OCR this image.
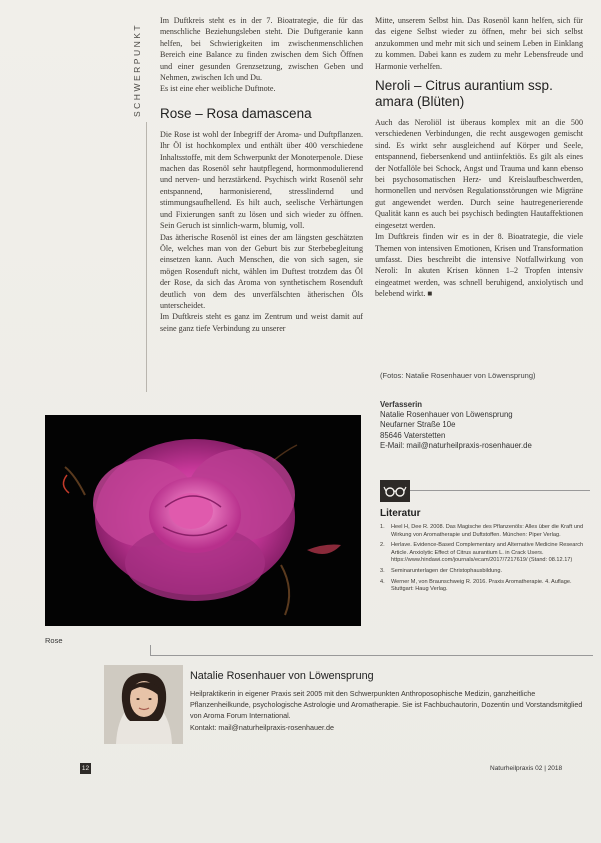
SCHWERPUNKT

Im Duftkreis steht es in der 7. Bioatrategie, die für das menschliche Beziehungsleben steht. Die Duftgeranie kann helfen, bei Schwierigkeiten im zwischenmenschlichen Bereich eine Balance zu finden zwischen dem Sich Öffnen und einer gesunden Grenzsetzung, zwischen Geben und Nehmen, zwischen Ich und Du.

Es ist eine eher weibliche Duftnote.

Rose – Rosa damascena

Die Rose ist wohl der Inbegriff der Aroma- und Duftpflanzen. Ihr Öl ist hochkomplex und enthält über 400 verschiedene Inhaltsstoffe, mit dem Schwerpunkt der Monoterpenole. Diese machen das Rosenöl sehr hautpflegend, hormonmodulierend und nerven- und herzstärkend. Psychisch wirkt Rosenöl sehr entspannend, harmonisierend, stresslindernd und stimmungsaufhellend. Es hilt auch, seelische Verhärtungen und Fixierungen sanft zu lösen und sich wieder zu öffnen. Sein Geruch ist sinnlich-warm, blumig, voll.

Das ätherische Rosenöl ist eines der am längsten geschätzten Öle, welches man von der Geburt bis zur Sterbebegleitung einsetzen kann. Auch Menschen, die von sich sagen, sie mögen Rosenduft nicht, wählen im Duftest trotzdem das Öl der Rose, da sich das Aroma von synthetischem Rosenduft deutlich von dem des unverfälschten ätherischen Öls unterscheidet.

Im Duftkreis steht es ganz im Zentrum und weist damit auf seine ganz tiefe Verbindung zu unserer

Mitte, unserem Selbst hin. Das Rosenöl kann helfen, sich für das eigene Selbst wieder zu öffnen, mehr bei sich selbst anzukommen und mehr mit sich und seinem Leben in Einklang zu kommen. Dabei kann es zudem zu mehr Lebensfreude und Harmonie verhelfen.

Neroli – Citrus aurantium ssp. amara (Blüten)

Auch das Neroliöl ist überaus komplex mit an die 500 verschiedenen Verbindungen, die recht ausgewogen gemischt sind. Es wirkt sehr ausgleichend auf Körper und Seele, entspannend, fiebersenkend und antiinfektiös. Es gilt als eines der Notfallöle bei Schock, Angst und Trauma und kann ebenso bei psychosomatischen Herz- und Kreislaufbeschwerden, hormonellen und nervösen Regulationsstörungen wie Migräne gut angewendet werden. Durch seine hautregenerierende Qualität kann es auch bei psychisch bedingten Hautaffektionen eingesetzt werden.

Im Duftkreis finden wir es in der 8. Bioatrategie, die viele Themen von intensiven Emotionen, Krisen und Transformation umfasst. Dies beschreibt die intensive Notfallwirkung von Neroli: In akuten Krisen können 1–2 Tropfen intensiv eingeatmet werden, was schnell beruhigend, anxiolytisch und belebend wirkt. ■

(Fotos: Natalie Rosenhauer von Löwensprung)
Verfasserin
Natalie Rosenhauer von Löwensprung
Neufarner Straße 10e
85646 Vaterstetten
E-Mail: mail@naturheilpraxis-rosenhauer.de
Literatur
1. Heel H, Dee R. 2008. Das Magische des Pflanzenöls: Alles über die Kraft und Wirkung von Aromatherapie und Duftstoffen. München: Piper Verlag.
2. Herlave. Evidence-Based Complementary and Alternative Medicine Research Article. Anxiolytic Effect of Citrus aurantium L. in Crack Users. https://www.hindawi.com/journals/ecam/2017/7217619/ (Stand: 08.12.17)
3. Seminarunterlagen der Christophausbildung.
4. Werner M, von Braunschweig R. 2016. Praxis Aromatherapie. 4. Auflage. Stuttgart: Haug Verlag.
Rose
Natalie Rosenhauer von Löwensprung
Heilpraktikerin in eigener Praxis seit 2005 mit den Schwerpunkten Anthroposophische Medizin, ganzheitliche Pflanzenheilkunde, psychologische Astrologie und Aromatherapie. Sie ist Fachbuchautorin, Dozentin und Vorstandsmitglied von Aroma Forum International.
Kontakt: mail@naturheilpraxis-rosenhauer.de
12	Naturheilpraxis 02 | 2018
